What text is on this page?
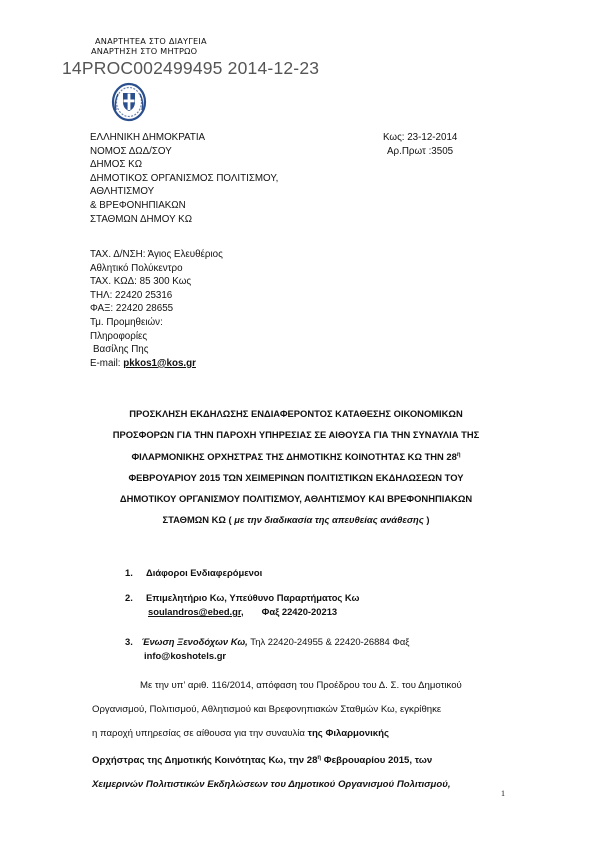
ΑΝΑΡΤΗΤΕΑ ΣΤΟ ΔΙΑΥΓΕΙΑ
ΑΝΑΡΤΗΣΗ ΣΤΟ ΜΗΤΡΩΟ
14PROC002499495 2014-12-23
ΕΛΛΗΝΙΚΗ ΔΗΜΟΚΡΑΤΙΑ
ΝΟΜΟΣ ΔΩΔ/ΣΟΥ
ΔΗΜΟΣ ΚΩ
ΔΗΜΟΤΙΚΟΣ ΟΡΓΑΝΙΣΜΟΣ ΠΟΛΙΤΙΣΜΟΥ,
ΑΘΛΗΤΙΣΜΟΥ
& ΒΡΕΦΟΝΗΠΙΑΚΩΝ
ΣΤΑΘΜΩΝ ΔΗΜΟΥ ΚΩ
Κως: 23-12-2014
Αρ.Πρωτ :3505
ΤΑΧ. Δ/ΝΣΗ: Άγιος Ελευθέριος
Αθλητικό Πολύκεντρο
ΤΑΧ. ΚΩΔ: 85 300 Κως
ΤΗΛ: 22420 25316
ΦΑΞ: 22420 28655
Τμ. Προμηθειών:
Πληροφορίες
Βασίλης Πης
E-mail: pkkos1@kos.gr
ΠΡΟΣΚΛΗΣΗ ΕΚΔΗΛΩΣΗΣ ΕΝΔΙΑΦΕΡΟΝΤΟΣ ΚΑΤΑΘΕΣΗΣ ΟΙΚΟΝΟΜΙΚΩΝ
ΠΡΟΣΦΟΡΩΝ ΓΙΑ ΤΗΝ ΠΑΡΟΧΗ ΥΠΗΡΕΣΙΑΣ ΣΕ ΑΙΘΟΥΣΑ ΓΙΑ ΤΗΝ ΣΥΝΑΥΛΙΑ ΤΗΣ
ΦΙΛΑΡΜΟΝΙΚΗΣ ΟΡΧΗΣΤΡΑΣ ΤΗΣ ΔΗΜΟΤΙΚΗΣ ΚΟΙΝΟΤΗΤΑΣ ΚΩ ΤΗΝ $28^\eta$
ΦΕΒΡΟΥΑΡΙΟΥ 2015 ΤΩΝ ΧΕΙΜΕΡΙΝΩΝ ΠΟΛΙΤΙΣΤΙΚΩΝ ΕΚΔΗΛΩΣΕΩΝ ΤΟΥ
ΔΗΜΟΤΙΚΟΥ ΟΡΓΑΝΙΣΜΟΥ ΠΟΛΙΤΙΣΜΟΥ, ΑΘΛΗΤΙΣΜΟΥ ΚΑΙ ΒΡΕΦΟΝΗΠΙΑΚΩΝ
ΣΤΑΘΜΩΝ ΚΩ ( με την διαδικασία της απευθείας ανάθεσης )
1. Διάφοροι Ενδιαφερόμενοι
2. Επιμελητήριο Κω, Υπεύθυνο Παραρτήματος Κω
soulandros@ebed.gr, Φαξ 22420-20213
3. Ένωση Ξενοδόχων Κω, Τηλ 22420-24955 & 22420-26884 Φαξ
info@koshotels.gr
Με την υπ’ αριθ. 116/2014, απόφαση του Προέδρου του Δ. Σ. του Δημοτικού
Οργανισμού, Πολιτισμού, Αθλητισμού και Βρεφονηπιακών Σταθμών Κω, εγκρίθηκε
η παροχή υπηρεσίας σε αίθουσα για την συναυλία της Φιλαρμονικής
Ορχήστρας της Δημοτικής Κοινότητας Κω, την $28^\eta$ Φεβρουαρίου 2015, των
Χειμερινών Πολιτιστικών Εκδηλώσεων του Δημοτικού Οργανισμού Πολιτισμού,
1
